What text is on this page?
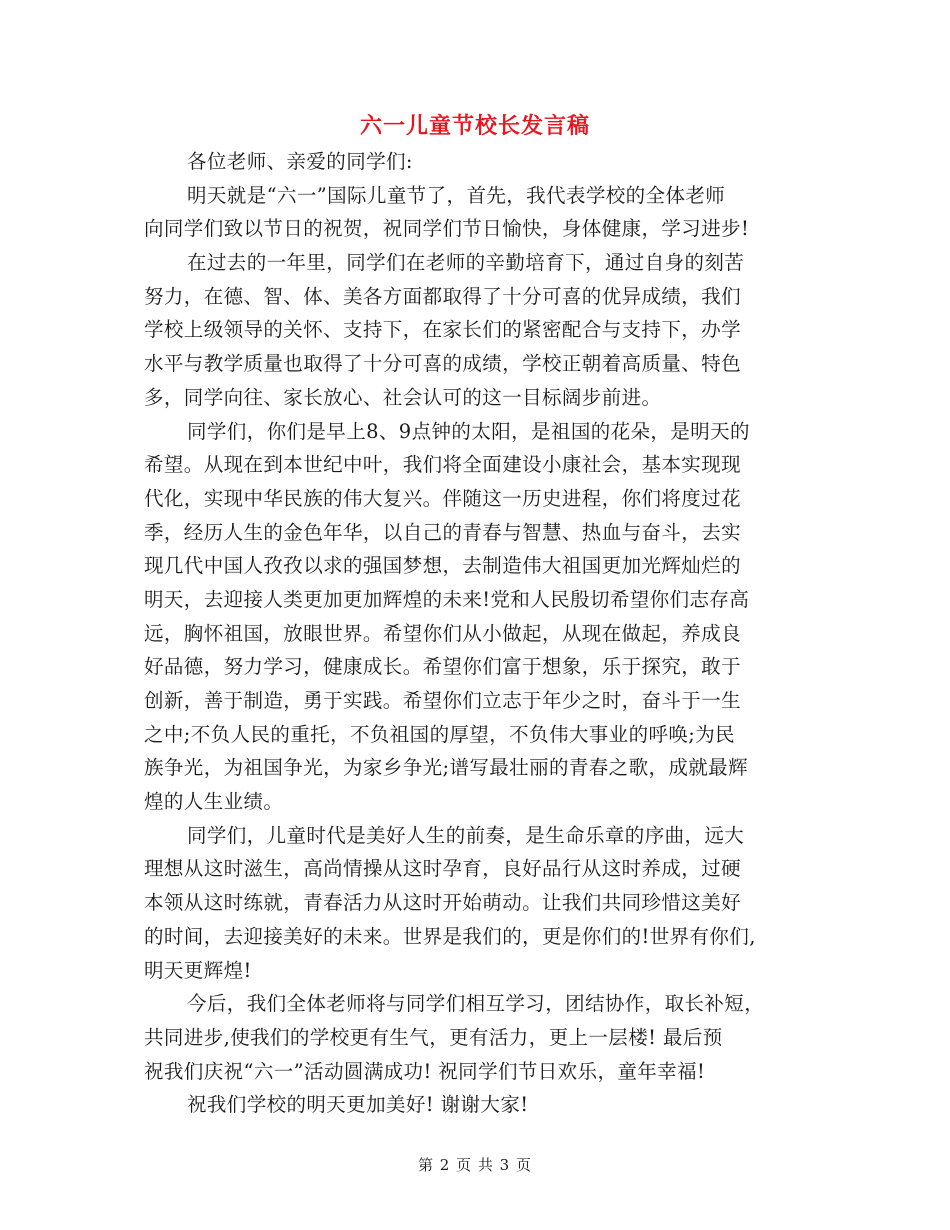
六一儿童节校长发言稿
各位老师、亲爱的同学们:
明天就是“六一”国际儿童节了，首先，我代表学校的全体老师
向同学们致以节日的祝贺，祝同学们节日愉快，身体健康，学习进步!
在过去的一年里，同学们在老师的辛勤培育下，通过自身的刻苦
努力，在德、智、体、美各方面都取得了十分可喜的优异成绩，我们
学校上级领导的关怀、支持下，在家长们的紧密配合与支持下，办学
水平与教学质量也取得了十分可喜的成绩，学校正朝着高质量、特色
多，同学向往、家长放心、社会认可的这一目标阔步前进。
同学们，你们是早上8、9点钟的太阳，是祖国的花朵，是明天的
希望。从现在到本世纪中叶，我们将全面建设小康社会，基本实现现
代化，实现中华民族的伟大复兴。伴随这一历史进程，你们将度过花
季，经历人生的金色年华，以自己的青春与智慧、热血与奋斗，去实
现几代中国人孜孜以求的强国梦想，去制造伟大祖国更加光辉灿烂的
明天，去迎接人类更加更加辉煌的未来!党和人民殷切希望你们志存高
远，胸怀祖国，放眼世界。希望你们从小做起，从现在做起，养成良
好品德，努力学习，健康成长。希望你们富于想象，乐于探究，敢于
创新，善于制造，勇于实践。希望你们立志于年少之时，奋斗于一生
之中;不负人民的重托，不负祖国的厚望，不负伟大事业的呼唤;为民
族争光，为祖国争光，为家乡争光;谱写最壮丽的青春之歌，成就最辉
煌的人生业绩。
同学们，儿童时代是美好人生的前奏，是生命乐章的序曲，远大
理想从这时滋生，高尚情操从这时孕育，良好品行从这时养成，过硬
本领从这时练就，青春活力从这时开始萌动。让我们共同珍惜这美好
的时间，去迎接美好的未来。世界是我们的，更是你们的!世界有你们,
明天更辉煌!
今后，我们全体老师将与同学们相互学习，团结协作，取长补短，
共同进步,使我们的学校更有生气，更有活力，更上一层楼! 最后预
祝我们庆祝“六一”活动圆满成功! 祝同学们节日欢乐，童年幸福!
祝我们学校的明天更加美好! 谢谢大家!
第 2 页 共 3 页
